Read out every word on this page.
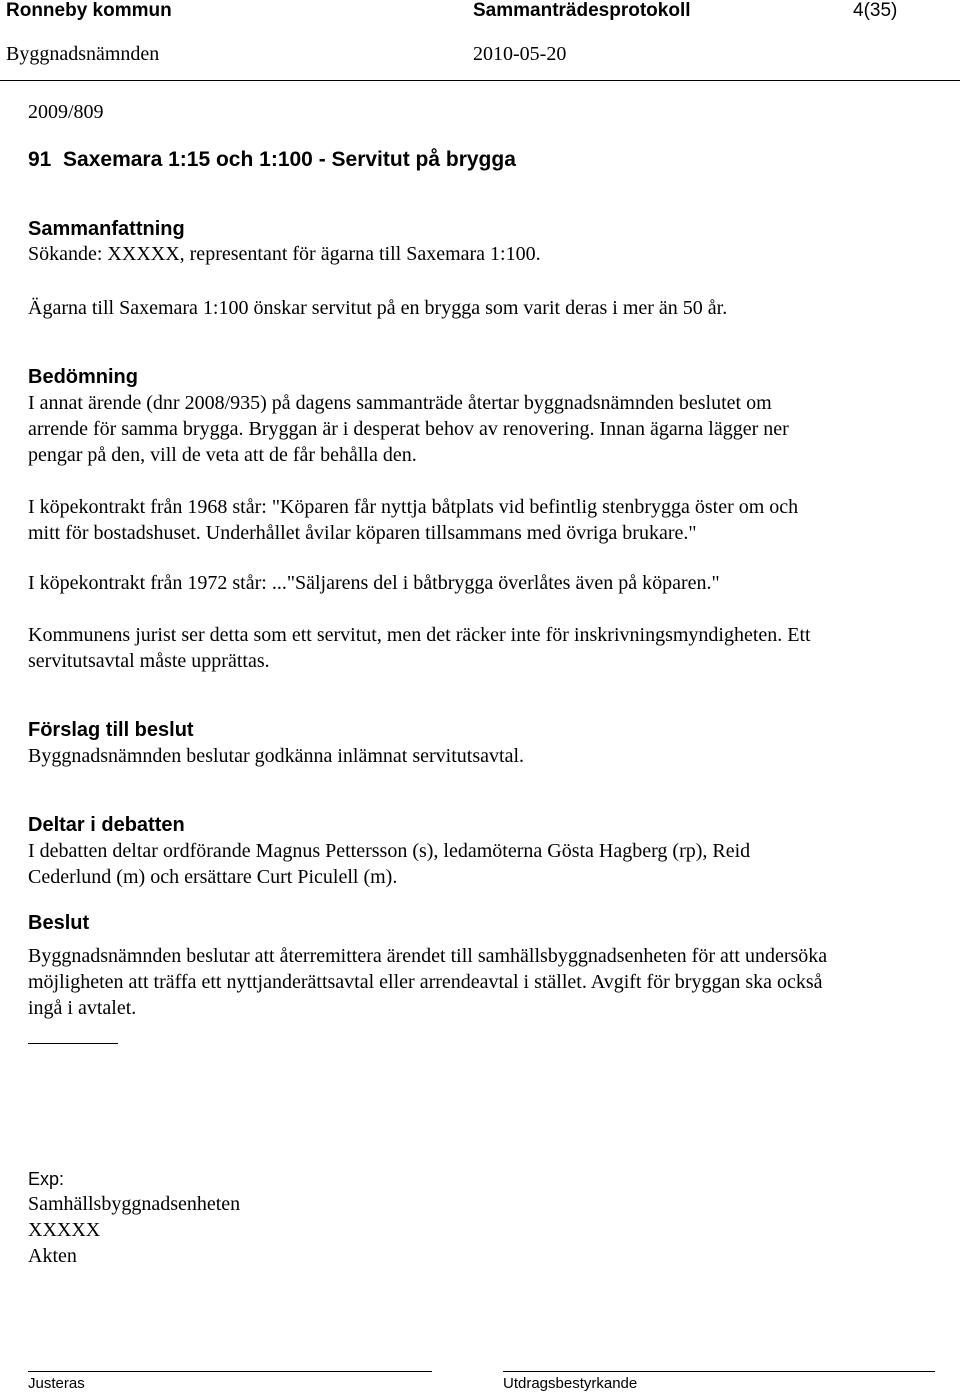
Ronneby kommun	Sammanträdesprotokoll	4(35)
Byggnadsnämnden	2010-05-20
2009/809
91 Saxemara 1:15 och 1:100 - Servitut på brygga
Sammanfattning
Sökande: XXXXX, representant för ägarna till Saxemara 1:100.
Ägarna till Saxemara 1:100 önskar servitut på en brygga som varit deras i mer än 50 år.
Bedömning
I annat ärende (dnr 2008/935) på dagens sammanträde återtar byggnadsnämnden beslutet om
arrende för samma brygga. Bryggan är i desperat behov av renovering. Innan ägarna lägger ner
pengar på den, vill de veta att de får behålla den.
I köpekontrakt från 1968 står: "Köparen får nyttja båtplats vid befintlig stenbrygga öster om och
mitt för bostadshuset. Underhållet åvilar köparen tillsammans med övriga brukare."
I köpekontrakt från 1972 står: ..."Säljarens del i båtbrygga överlåtes även på köparen."
Kommunens jurist ser detta som ett servitut, men det räcker inte för inskrivningsmyndigheten. Ett
servitutsavtal måste upprättas.
Förslag till beslut
Byggnadsnämnden beslutar godkänna inlämnat servitutsavtal.
Deltar i debatten
I debatten deltar ordförande Magnus Pettersson (s), ledamöterna Gösta Hagberg (rp), Reid
Cederlund (m) och ersättare Curt Piculell (m).
Beslut
Byggnadsnämnden beslutar att återremittera ärendet till samhällsbyggnadsenheten för att undersöka
möjligheten att träffa ett nyttjanderättsavtal eller arrendeavtal i stället. Avgift för bryggan ska också
ingå i avtalet.
Exp:
Samhällsbyggnadsenheten
XXXXX
Akten
Justeras	Utdragsbestyrkande
